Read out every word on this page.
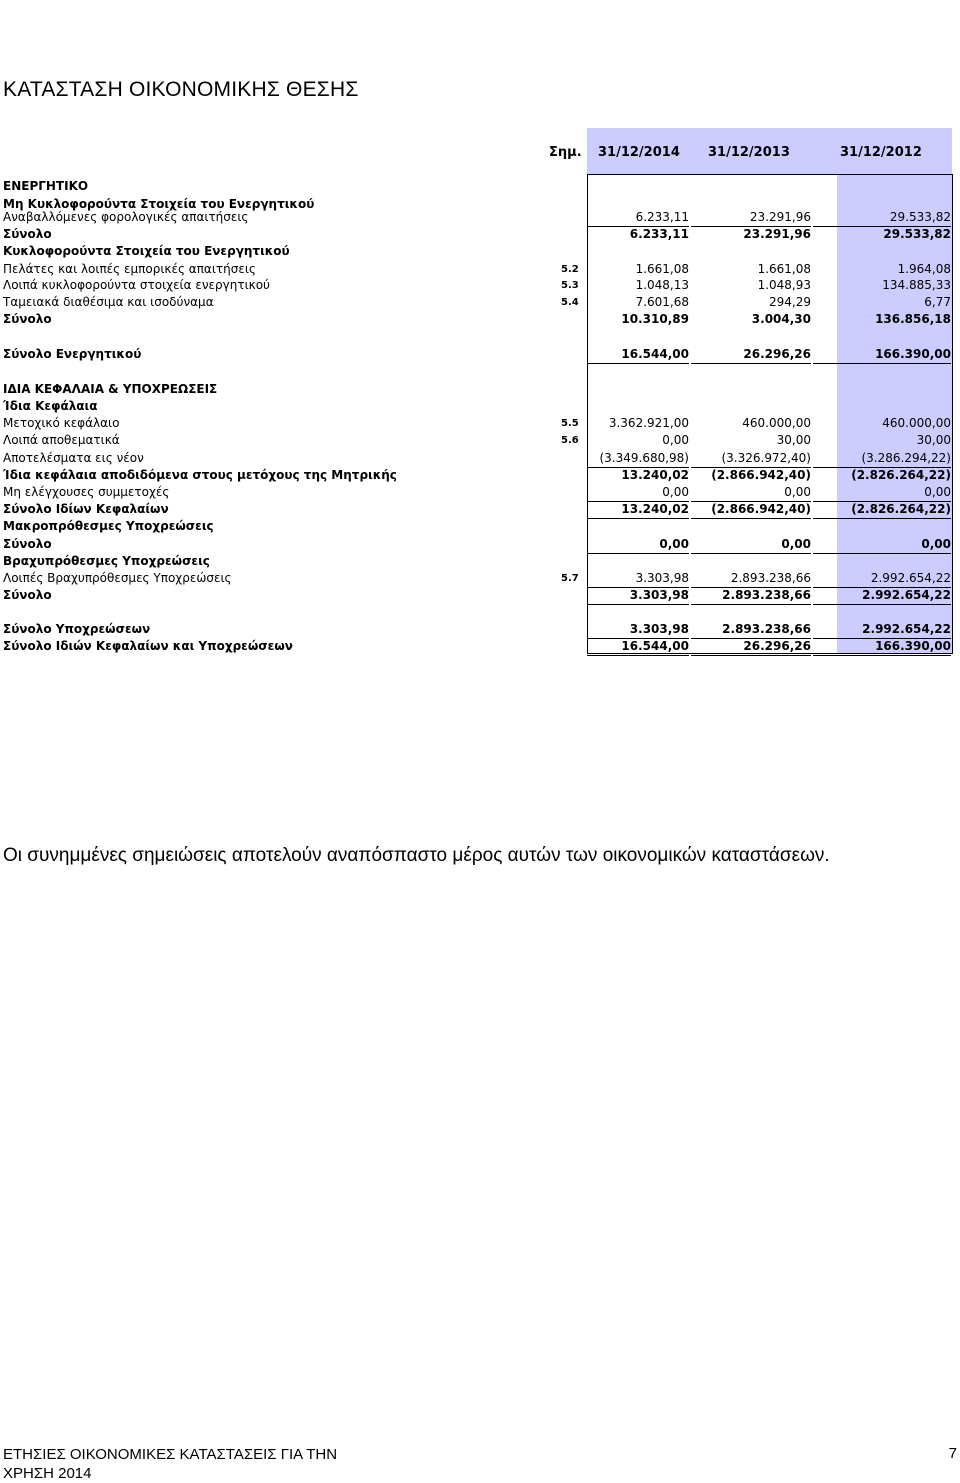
ΚΑΤΑΣΤΑΣΗ ΟΙΚΟΝΟΜΙΚΗΣ ΘΕΣΗΣ
Σημ. 31/12/2014 31/12/2013	31/12/2012
ΕΝΕΡΓΗΤΙΚΟ
Μη Κυκλοφορούντα Στοιχεία του Ενεργητικού
Αναβαλλόμενες φορολογικές απαιτήσεις	6.233,11	23.291,96	29.533,82
Σύνολο	6.233,11	23.291,96	29.533,82
Κυκλοφορούντα Στοιχεία του Ενεργητικού
Πελάτες και λοιπές εμπορικές απαιτήσεις	5.2	1.661,08	1.661,08	1.964,08
Λοιπά κυκλοφορούντα στοιχεία ενεργητικού	5.3	1.048,13	1.048,93	134.885,33
Ταμειακά διαθέσιμα και ισοδύναμα	5.4	7.601,68	294,29	6,77
Σύνολο	10.310,89	3.004,30	136.856,18
Σύνολο Ενεργητικού	16.544,00	26.296,26	166.390,00
ΙΔΙΑ ΚΕΦΑΛΑΙΑ & ΥΠΟΧΡΕΩΣΕΙΣ
Ίδια Κεφάλαια
Μετοχικό κεφάλαιο	5.5	3.362.921,00	460.000,00	460.000,00
Λοιπά αποθεματικά	5.6	0,00	30,00	30,00
Αποτελέσματα εις νέον	(3.349.680,98)	(3.326.972,40)	(3.286.294,22)
Ίδια κεφάλαια αποδιδόμενα στους μετόχους της Μητρικής	13.240,02	(2.866.942,40)	(2.826.264,22)
Μη ελέγχουσες συμμετοχές	0,00	0,00	0,00
Σύνολο Ιδίων Κεφαλαίων	13.240,02	(2.866.942,40)	(2.826.264,22)
Μακροπρόθεσμες Υποχρεώσεις
Σύνολο	0,00	0,00	0,00
Βραχυπρόθεσμες Υποχρεώσεις
Λοιπές Βραχυπρόθεσμες Υποχρεώσεις	5.7	3.303,98	2.893.238,66	2.992.654,22
Σύνολο	3.303,98	2.893.238,66	2.992.654,22
Σύνολο Υποχρεώσεων	3.303,98	2.893.238,66	2.992.654,22
Σύνολο Ιδιών Κεφαλαίων και Υποχρεώσεων	16.544,00	26.296,26	166.390,00
Οι συνημμένες σημειώσεις αποτελούν αναπόσπαστο μέρος αυτών των οικονομικών καταστάσεων.
ΕΤΗΣΙΕΣ ΟΙΚΟΝΟΜΙΚΕΣ ΚΑΤΑΣΤΑΣΕΙΣ ΓΙΑ ΤΗΝ
ΧΡΗΣΗ 2014
7
